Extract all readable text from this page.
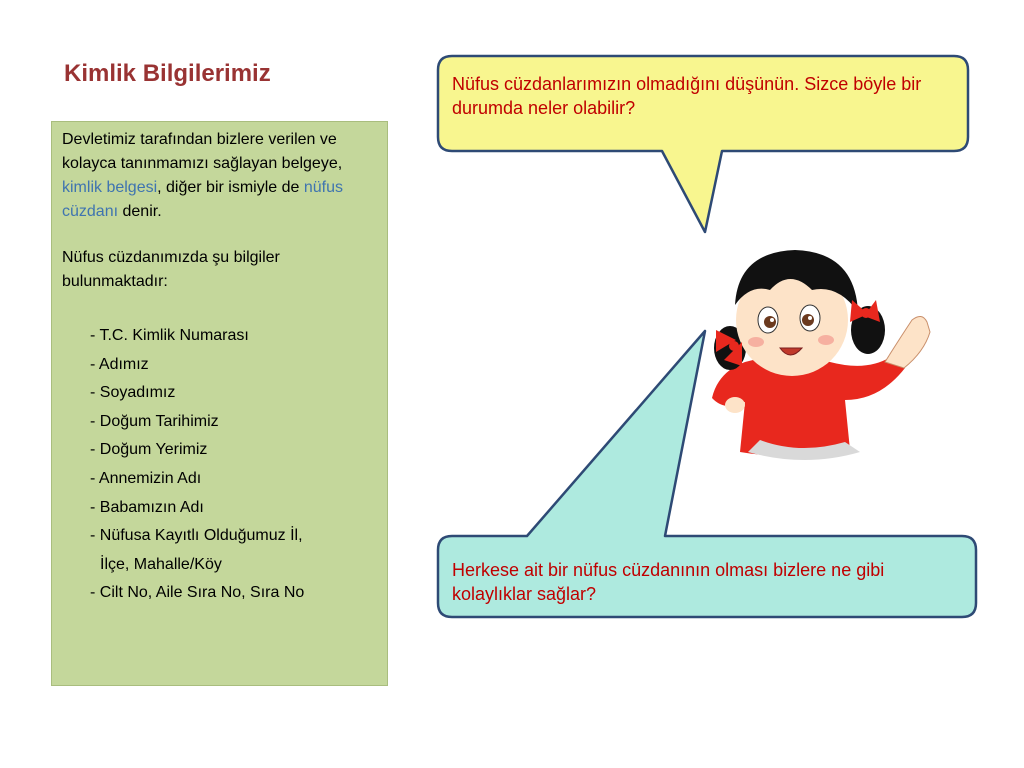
Kimlik Bilgilerimiz

Devletimiz tarafından bizlere verilen ve kolayca tanınmamızı sağlayan belgeye, kimlik belgesi, diğer bir ismiyle de nüfus cüzdanı denir.

Nüfus cüzdanımızda şu bilgiler bulunmaktadır:

- T.C. Kimlik Numarası
- Adımız
- Soyadımız
- Doğum Tarihimiz
- Doğum Yerimiz
- Annemizin Adı
- Babamızın Adı
- Nüfusa Kayıtlı Olduğumuz İl,
İlçe, Mahalle/Köy
- Cilt No, Aile Sıra No, Sıra No
Nüfus cüzdanlarımızın olmadığını düşünün. Sizce böyle bir durumda neler olabilir?
Herkese ait bir nüfus cüzdanının olması bizlere ne gibi kolaylıklar sağlar?
